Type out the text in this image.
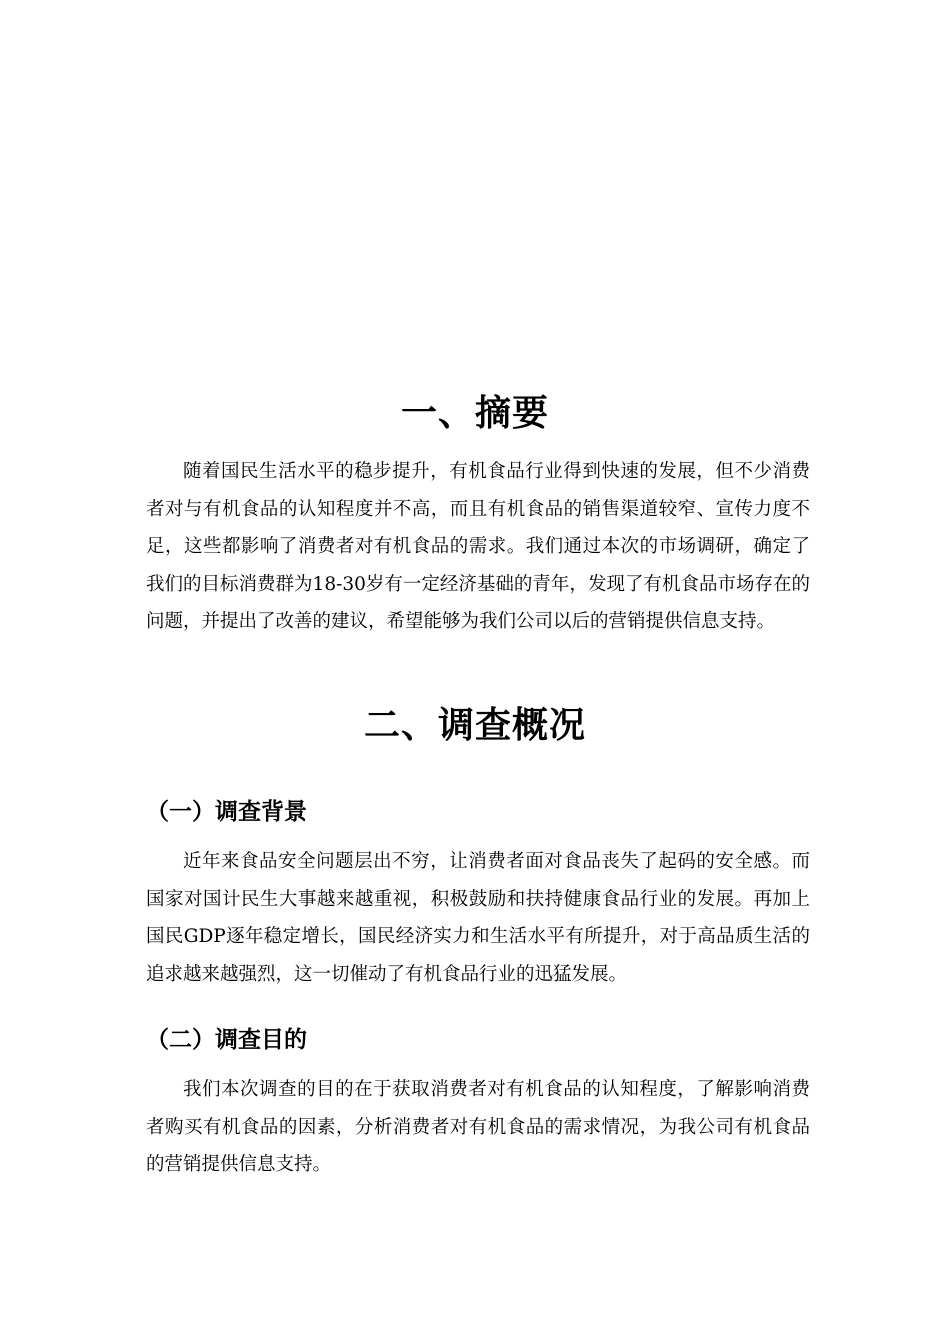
一、摘要

随着国民生活水平的稳步提升，有机食品行业得到快速的发展，但不少消费者对与有机食品的认知程度并不高，而且有机食品的销售渠道较窄、宣传力度不足，这些都影响了消费者对有机食品的需求。我们通过本次的市场调研，确定了我们的目标消费群为18-30岁有一定经济基础的青年，发现了有机食品市场存在的问题，并提出了改善的建议，希望能够为我们公司以后的营销提供信息支持。

二、调查概况
（一）调查背景

近年来食品安全问题层出不穷，让消费者面对食品丧失了起码的安全感。而国家对国计民生大事越来越重视，积极鼓励和扶持健康食品行业的发展。再加上国民GDP逐年稳定增长，国民经济实力和生活水平有所提升，对于高品质生活的追求越来越强烈，这一切催动了有机食品行业的迅猛发展。

（二）调查目的

我们本次调查的目的在于获取消费者对有机食品的认知程度，了解影响消费者购买有机食品的因素，分析消费者对有机食品的需求情况，为我公司有机食品的营销提供信息支持。
